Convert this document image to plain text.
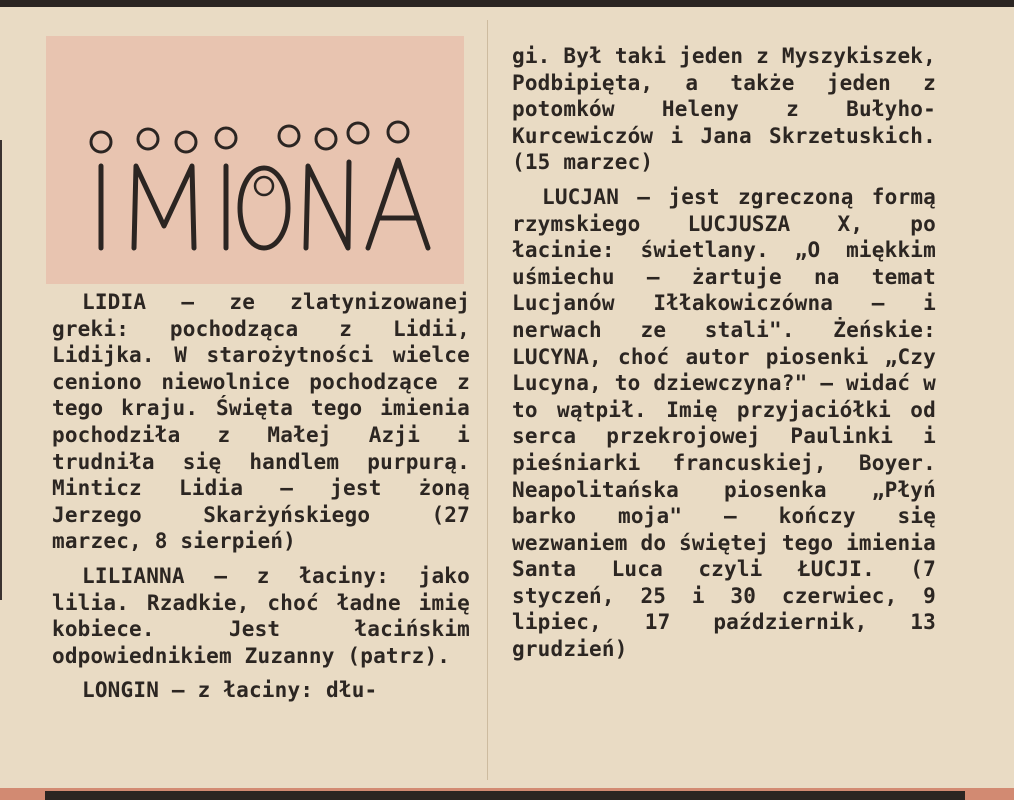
LIDIA — ze zlatynizowanej greki: pochodząca z Lidii, Lidijka. W starożytności wielce ceniono niewolnice pochodzące z tego kraju. Święta tego imienia pochodziła z Małej Azji i trudniła się handlem purpurą. Minticz Lidia — jest żoną Jerzego Skarżyńskiego (27 marzec, 8 sierpień)

LILIANNA — z łaciny: jako lilia. Rzadkie, choć ładne imię kobiece. Jest łacińskim odpowiednikiem Zuzanny (patrz).

LONGIN — z łaciny: dłu-

gi. Był taki jeden z Myszykiszek, Podbipięta, a także jeden z potomków Heleny z Bułyho-Kurcewiczów i Jana Skrzetuskich. (15 marzec)

LUCJAN — jest zgreczoną formą rzymskiego LUCJUSZA X, po łacinie: świetlany. „O miękkim uśmiechu — żartuje na temat Lucjanów Iłłakowiczówna — i nerwach ze stali". Żeńskie: LUCYNA, choć autor piosenki „Czy Lucyna, to dziewczyna?" — widać w to wątpił. Imię przyjaciółki od serca przekrojowej Paulinki i pieśniarki francuskiej, Boyer. Neapolitańska piosenka „Płyń barko moja" — kończy się wezwaniem do świętej tego imienia Santa Luca czyli ŁUCJI. (7 styczeń, 25 i 30 czerwiec, 9 lipiec, 17 październik, 13 grudzień)
